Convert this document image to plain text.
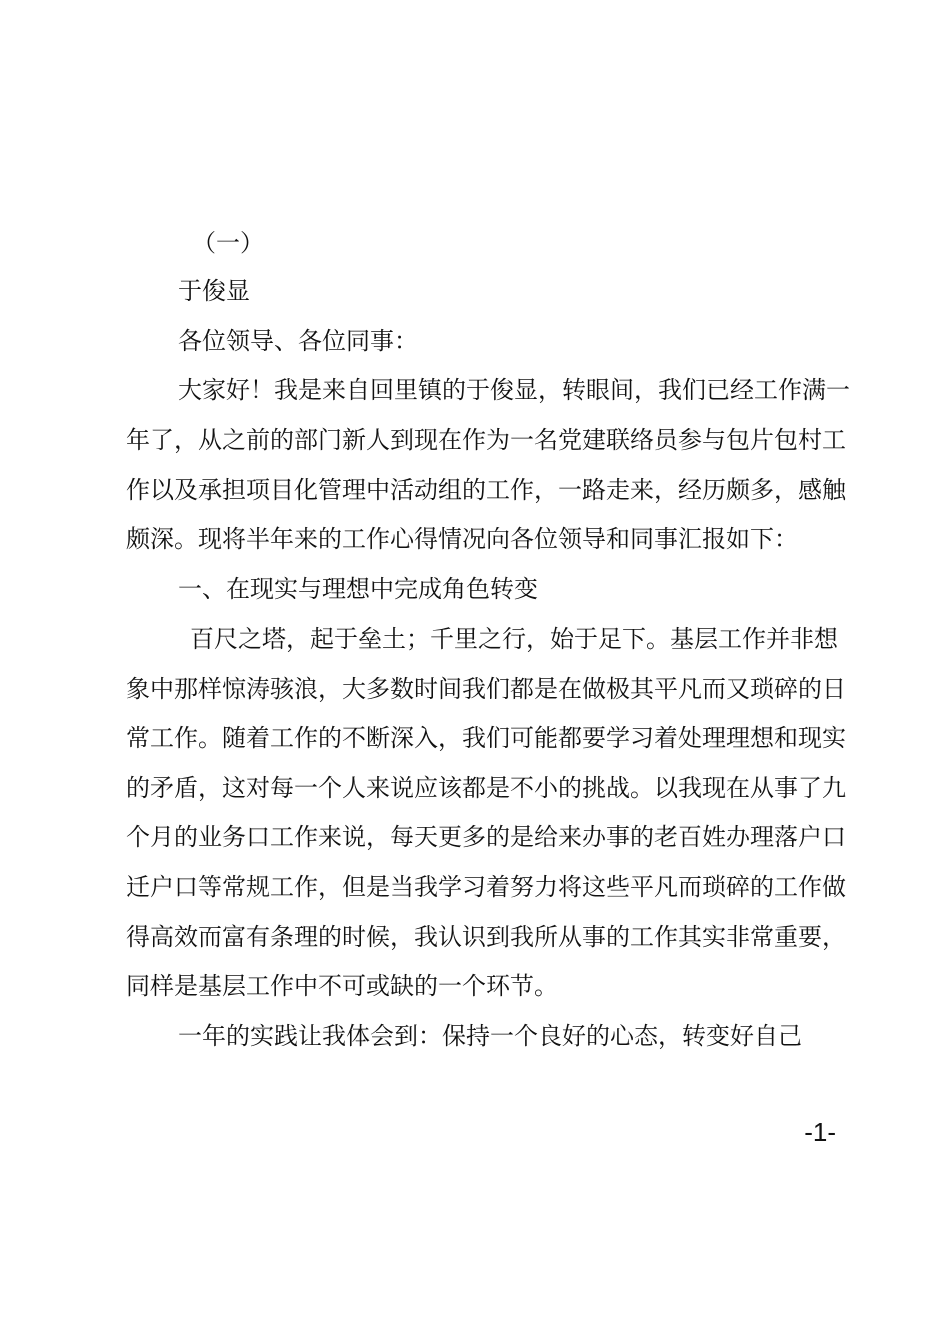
（一）
于俊显
各位领导、各位同事：
大家好！我是来自回里镇的于俊显，转眼间，我们已经工作满一
年了，从之前的部门新人到现在作为一名党建联络员参与包片包村工
作以及承担项目化管理中活动组的工作，一路走来，经历颇多，感触
颇深。现将半年来的工作心得情况向各位领导和同事汇报如下：
一、在现实与理想中完成角色转变
百尺之塔，起于垒土；千里之行，始于足下。基层工作并非想
象中那样惊涛骇浪，大多数时间我们都是在做极其平凡而又琐碎的日
常工作。随着工作的不断深入，我们可能都要学习着处理理想和现实
的矛盾，这对每一个人来说应该都是不小的挑战。以我现在从事了九
个月的业务口工作来说，每天更多的是给来办事的老百姓办理落户口
迁户口等常规工作，但是当我学习着努力将这些平凡而琐碎的工作做
得高效而富有条理的时候，我认识到我所从事的工作其实非常重要，
同样是基层工作中不可或缺的一个环节。
一年的实践让我体会到：保持一个良好的心态，转变好自己
-1-
